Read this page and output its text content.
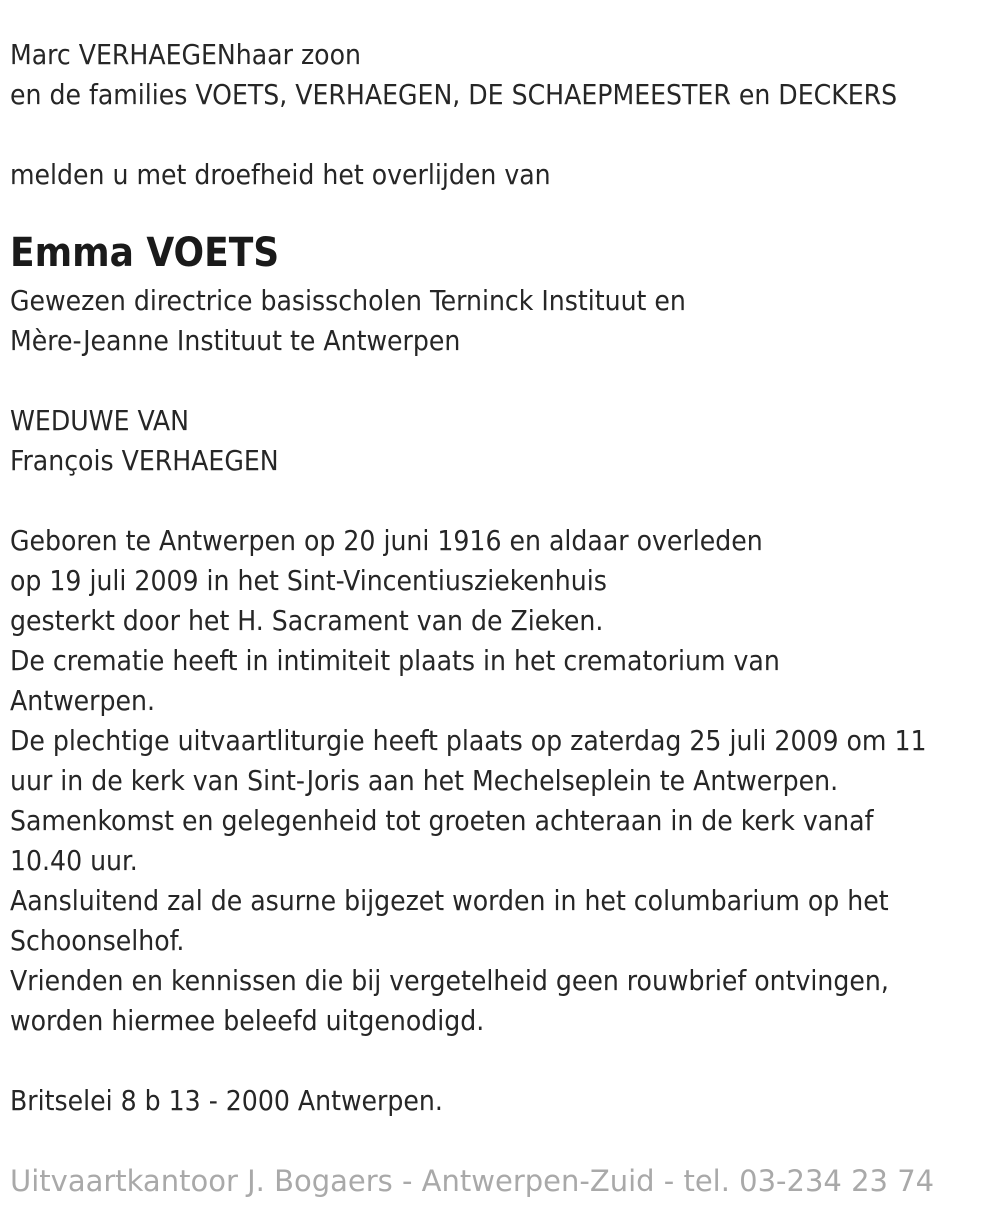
Marc VERHAEGENhaar zoon
en de families VOETS, VERHAEGEN, DE SCHAEPMEESTER en DECKERS
melden u met droefheid het overlijden van
Emma VOETS
Gewezen directrice basisscholen Terninck Instituut en
Mère-Jeanne Instituut te Antwerpen
WEDUWE VAN
François VERHAEGEN
Geboren te Antwerpen op 20 juni 1916 en aldaar overleden
op 19 juli 2009 in het Sint-Vincentiusziekenhuis
gesterkt door het H. Sacrament van de Zieken.
De crematie heeft in intimiteit plaats in het crematorium van
Antwerpen.
De plechtige uitvaartliturgie heeft plaats op zaterdag 25 juli 2009 om 11
uur in de kerk van Sint-Joris aan het Mechelseplein te Antwerpen.
Samenkomst en gelegenheid tot groeten achteraan in de kerk vanaf
10.40 uur.
Aansluitend zal de asurne bijgezet worden in het columbarium op het
Schoonselhof.
Vrienden en kennissen die bij vergetelheid geen rouwbrief ontvingen,
worden hiermee beleefd uitgenodigd.
Britselei 8 b 13 - 2000 Antwerpen.
Uitvaartkantoor J. Bogaers - Antwerpen-Zuid - tel. 03-234 23 74
